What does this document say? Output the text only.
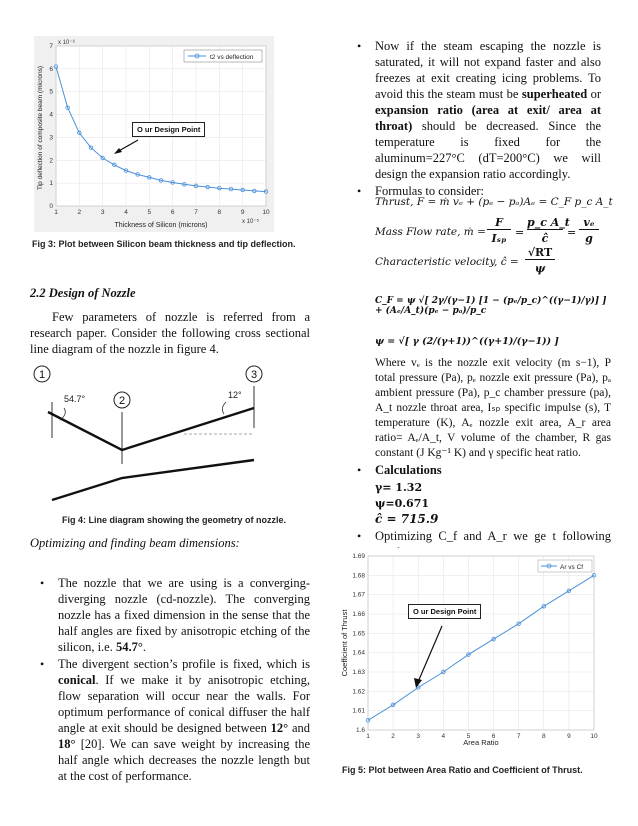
1	2	3	4	5	6	7	8	9	10
0
1
2
3
4
5
6
7 x 10⁻⁶
x 10⁻⁵
Thickness of Silicon (microns)
Tip deflection of composite beam (microns)
t2 vs deflection
O ur Design Point
Fig 3: Plot between Silicon beam thickness and tip deflection.
2.2 Design of Nozzle
Few parameters of nozzle is referred from a research paper. Consider the following cross sectional line diagram of the nozzle in figure 4.
1
2
3
54.7°	12°
Fig 4: Line diagram showing the geometry of nozzle.
Optimizing and finding beam dimensions:
• The nozzle that we are using is a converging-diverging nozzle (cd-nozzle). The converging nozzle has a fixed dimension in the sense that the half angles are fixed by anisotropic etching of the silicon, i.e. 54.7°.
• The divergent section’s profile is fixed, which is conical. If we make it by anisotropic etching, flow separation will occur near the walls. For optimum performance of conical diffuser the half angle at exit should be designed between 12° and 18° [20]. We can save weight by increasing the half angle which decreases the nozzle length but at the cost of performance.
• Now if the steam escaping the nozzle is saturated, it will not expand faster and also freezes at exit creating icing problems. To avoid this the steam must be superheated or expansion ratio (area at exit/ area at throat) should be decreased. Since the temperature is fixed for the aluminum=227°C (dT=200°C) we will design the expansion ratio accordingly.
• Formulas to consider:
Thrust, F = ṁ vₑ + (pₑ − pₐ)Aₑ = C_F p_c A_t
Mass Flow rate, ṁ =
F
Iₛₚ =
p_c A_t
ĉ	=
vₑ
g
Characteristic velocity, ĉ =
√RT
ψ
C_F = ψ √[ 2γ/(γ−1) [1 − (pₑ/p_c)^((γ−1)/γ)] ] + (Aₑ/A_t)(pₑ − pₐ)/p_c
ψ = √[ γ (2/(γ+1))^((γ+1)/(γ−1)) ]
Where vₑ is the nozzle exit velocity (m s−1), P total pressure (Pa), pₑ nozzle exit pressure (Pa), pₐ ambient pressure (Pa), p_c chamber pressure (pa), A_t nozzle throat area, Iₛₚ specific impulse (s), T temperature (K), Aₑ nozzle exit area, A_r area ratio= Aₑ/A_t, V volume of the chamber, R gas constant (J Kg⁻¹ K) and γ specific heat ratio.
• Calculations
γ= 1.32
ψ=0.671
ĉ = 715.9
• Optimizing C_f and A_r we ge t following
1	2	3	4	5	6	7	8	9	10
1.6
1.61
1.62
1.63
1.64
1.65
1.66
1.67
1.68
1.69
Area Ratio
Coefficient of Thrust
Ar vs Cf
O ur Design Point
Fig 5: Plot between Area Ratio and Coefficient of Thrust.
